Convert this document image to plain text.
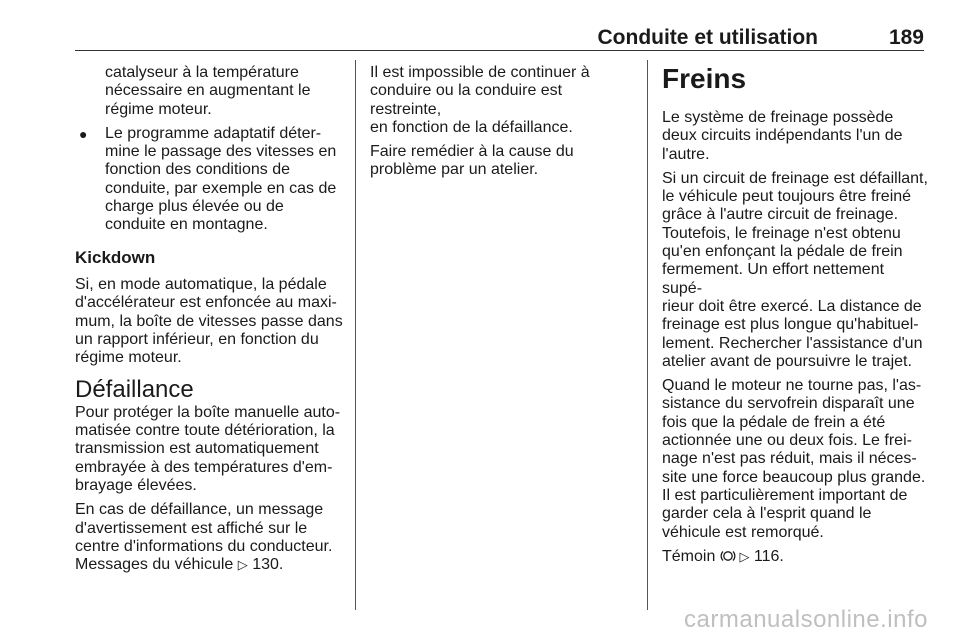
Conduite et utilisation	189

catalyseur à la température
nécessaire en augmentant le
régime moteur.

● Le programme adaptatif déter-
mine le passage des vitesses en
fonction des conditions de
conduite, par exemple en cas de
charge plus élevée ou de
conduite en montagne.
Kickdown

Si, en mode automatique, la pédale
d'accélérateur est enfoncée au maxi-
mum, la boîte de vitesses passe dans
un rapport inférieur, en fonction du
régime moteur.

Défaillance

Pour protéger la boîte manuelle auto-
matisée contre toute détérioration, la
transmission est automatiquement
embrayée à des températures d'em-
brayage élevées.

En cas de défaillance, un message
d'avertissement est affiché sur le
centre d'informations du conducteur.
Messages du véhicule ▷ 130.

Il est impossible de continuer à
conduire ou la conduire est restreinte,
en fonction de la défaillance.

Faire remédier à la cause du
problème par un atelier.

Freins

Le système de freinage possède
deux circuits indépendants l'un de
l'autre.

Si un circuit de freinage est défaillant,
le véhicule peut toujours être freiné
grâce à l'autre circuit de freinage.
Toutefois, le freinage n'est obtenu
qu'en enfonçant la pédale de frein
fermement. Un effort nettement supé-
rieur doit être exercé. La distance de
freinage est plus longue qu'habituel-
lement. Rechercher l'assistance d'un
atelier avant de poursuivre le trajet.

Quand le moteur ne tourne pas, l'as-
sistance du servofrein disparaît une
fois que la pédale de frein a été
actionnée une ou deux fois. Le frei-
nage n'est pas réduit, mais il néces-
site une force beaucoup plus grande.
Il est particulièrement important de
garder cela à l'esprit quand le
véhicule est remorqué.

Témoin ▷ 116.

carmanualsonline.info
